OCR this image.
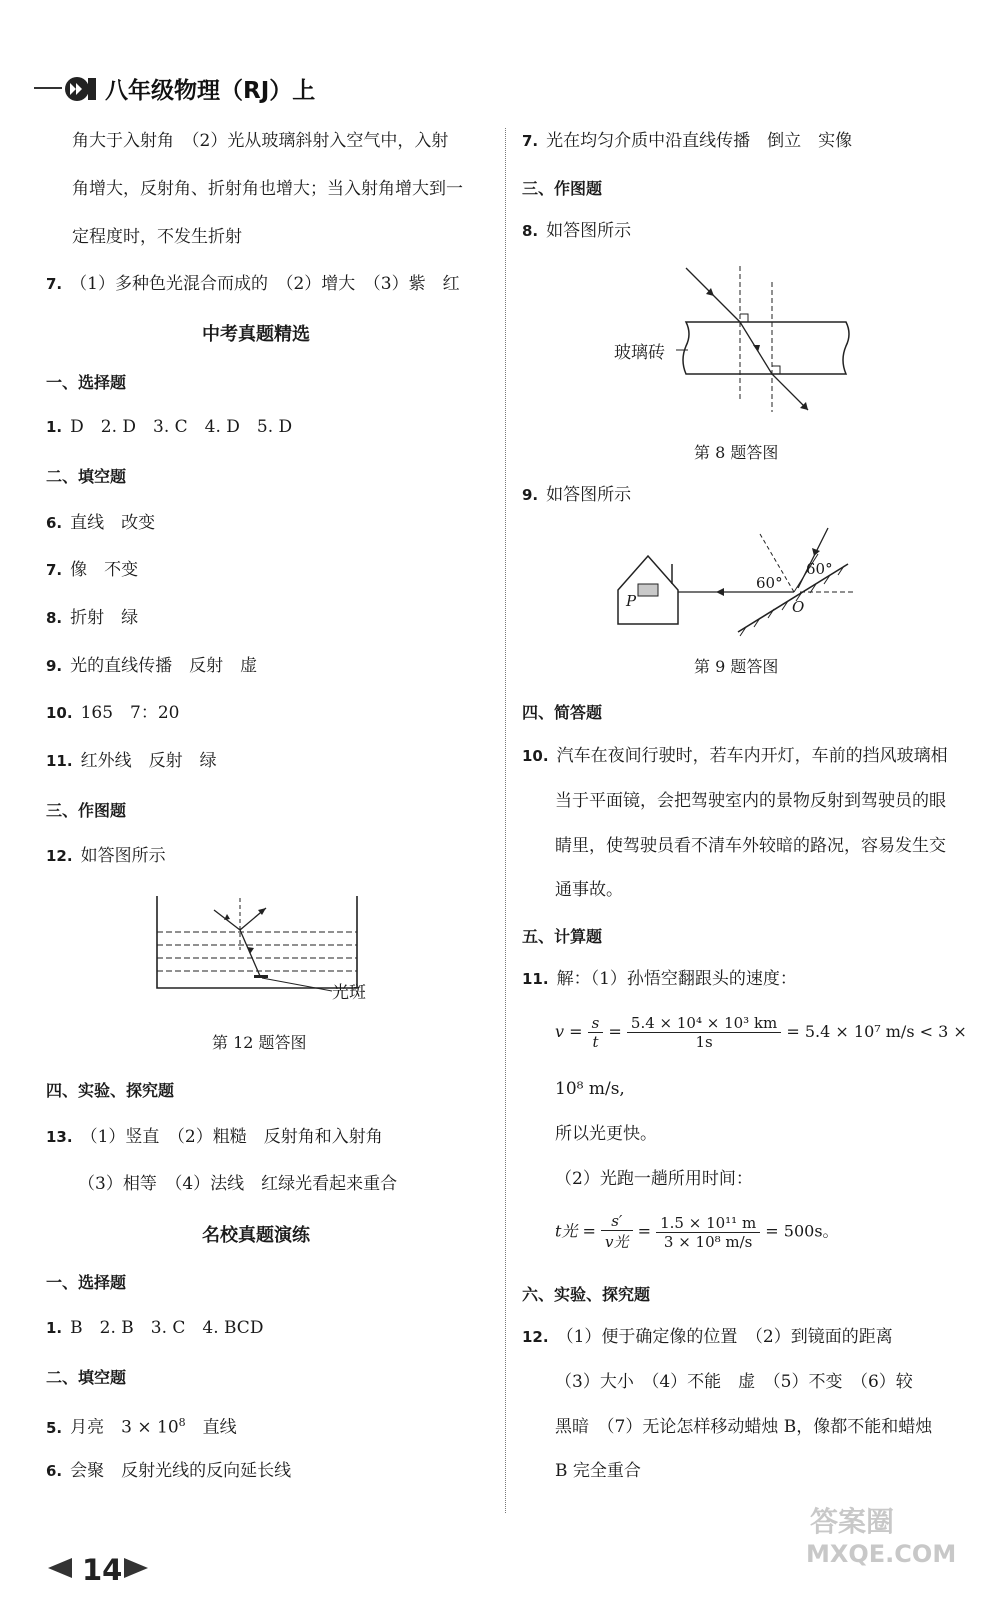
八年级物理（RJ）上
角大于入射角　（2）光从玻璃斜射入空气中，入射
角增大，反射角、折射角也增大；当入射角增大到一
定程度时，不发生折射
7. （1）多种色光混合而成的　（2）增大　（3）紫　红
中考真题精选
一、选择题
1. D　2. D　3. C　4. D　5. D
二、填空题
6. 直线　改变
7. 像　不变
8. 折射　绿
9. 光的直线传播　反射　虚
10. 165　7：20
11. 红外线　反射　绿
三、作图题
12. 如答图所示
光斑
第 12 题答图
四、实验、探究题
13. （1）竖直　（2）粗糙　反射角和入射角
（3）相等　（4）法线　红绿光看起来重合
名校真题演练
一、选择题
1. B　2. B　3. C　4. BCD
二、填空题
5. 月亮　$3 \times 10^8$　直线
6. 会聚　反射光线的反向延长线
7. 光在均匀介质中沿直线传播　倒立　实像
三、作图题
8. 如答图所示
玻璃砖
第 8 题答图
9. 如答图所示
60°
60°
P	O
第 9 题答图
四、简答题
10. 汽车在夜间行驶时，若车内开灯，车前的挡风玻璃相
当于平面镜，会把驾驶室内的景物反射到驾驶员的眼
睛里，使驾驶员看不清车外较暗的路况，容易发生交
通事故。
五、计算题
11. 解：（1）孙悟空翻跟头的速度：
$v = \frac{s}{t} = \frac{\text{5.4 × 10⁴ × 10³ km}}{1s} = 5.4 \times 10^7$ m/s < 3 ×
10⁸ m/s,
所以光更快。
（2）光跑一趟所用时间：
t光 = $\frac{s'}{\text{v光}} = \frac{\text{1.5 × 10¹¹ m}}{\text{3 × 10⁸ m/s}} = 500s$。
六、实验、探究题
12. （1）便于确定像的位置　（2）到镜面的距离
（3）大小　（4）不能　虚　（5）不变　（6）较
黑暗　（7）无论怎样移动蜡烛 B，像都不能和蜡烛
B 完全重合
14
答案圈
MXQE.COM
